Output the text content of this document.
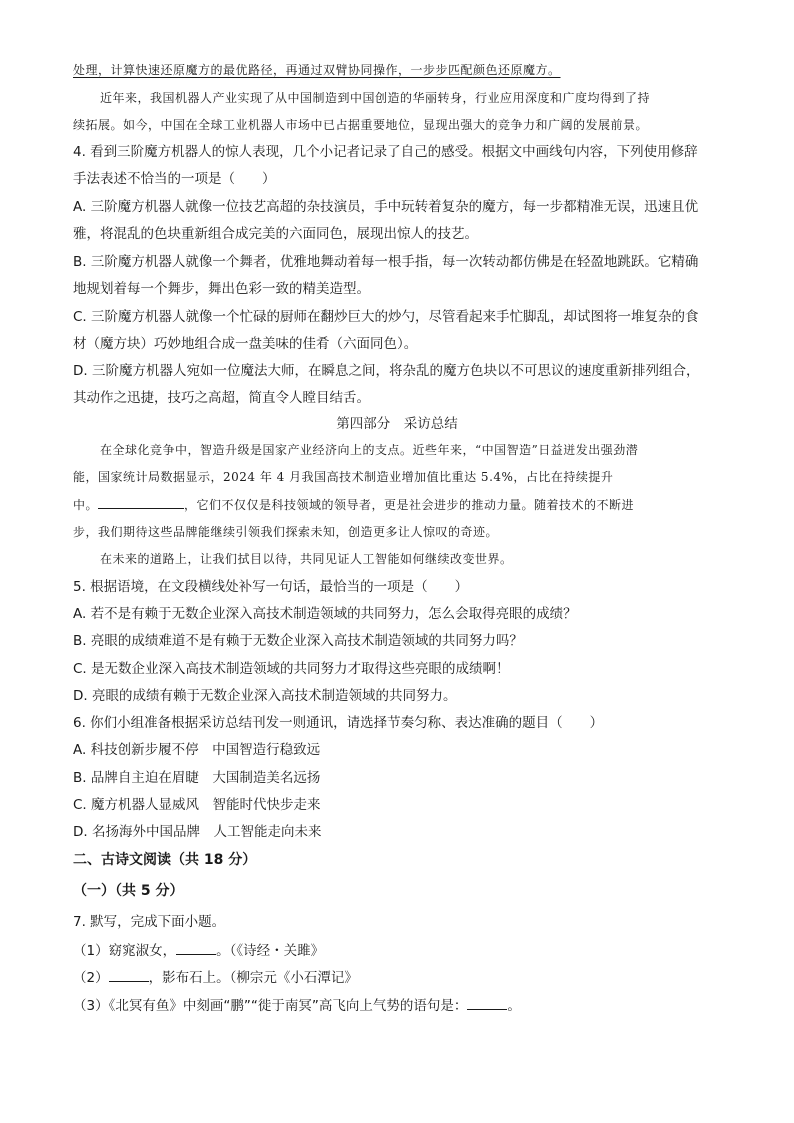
处理，计算快速还原魔方的最优路径，再通过双臂协同操作，一步步匹配颜色还原魔方。
近年来，我国机器人产业实现了从中国制造到中国创造的华丽转身，行业应用深度和广度均得到了持
续拓展。如今，中国在全球工业机器人市场中已占据重要地位，显现出强大的竞争力和广阔的发展前景。
4. 看到三阶魔方机器人的惊人表现，几个小记者记录了自己的感受。根据文中画线句内容，下列使用修辞
手法表述不恰当的一项是（　　）
A. 三阶魔方机器人就像一位技艺高超的杂技演员，手中玩转着复杂的魔方，每一步都精准无误，迅速且优
雅，将混乱的色块重新组合成完美的六面同色，展现出惊人的技艺。
B. 三阶魔方机器人就像一个舞者，优雅地舞动着每一根手指，每一次转动都仿佛是在轻盈地跳跃。它精确
地规划着每一个舞步，舞出色彩一致的精美造型。
C. 三阶魔方机器人就像一个忙碌的厨师在翻炒巨大的炒勺，尽管看起来手忙脚乱，却试图将一堆复杂的食
材（魔方块）巧妙地组合成一盘美味的佳肴（六面同色）。
D. 三阶魔方机器人宛如一位魔法大师，在瞬息之间，将杂乱的魔方色块以不可思议的速度重新排列组合，
其动作之迅捷，技巧之高超，简直令人瞠目结舌。
第四部分　采访总结
在全球化竞争中，智造升级是国家产业经济向上的支点。近些年来，“中国智造”日益迸发出强劲潜
能，国家统计局数据显示，2024 年 4 月我国高技术制造业增加值比重达 5.4%，占比在持续提升
中。	，它们不仅仅是科技领域的领导者，更是社会进步的推动力量。随着技术的不断进
步，我们期待这些品牌能继续引领我们探索未知，创造更多让人惊叹的奇迹。
在未来的道路上，让我们拭目以待，共同见证人工智能如何继续改变世界。
5. 根据语境，在文段横线处补写一句话，最恰当的一项是（　　）
A. 若不是有赖于无数企业深入高技术制造领域的共同努力，怎么会取得亮眼的成绩？
B. 亮眼的成绩难道不是有赖于无数企业深入高技术制造领域的共同努力吗？
C. 是无数企业深入高技术制造领域的共同努力才取得这些亮眼的成绩啊！
D. 亮眼的成绩有赖于无数企业深入高技术制造领域的共同努力。
6. 你们小组准备根据采访总结刊发一则通讯，请选择节奏匀称、表达准确的题目（　　）
A. 科技创新步履不停　中国智造行稳致远
B. 品牌自主迫在眉睫　大国制造美名远扬
C. 魔方机器人显威风　智能时代快步走来
D. 名扬海外中国品牌　人工智能走向未来
二、古诗文阅读（共 18 分）
（一）（共 5 分）
7. 默写，完成下面小题。
（1）窈窕淑女，	。（《诗经・关雎》
（2）	，影布石上。（柳宗元《小石潭记》
（3）《北冥有鱼》中刻画“鹏”“徙于南冥”高飞向上气势的语句是：	。
